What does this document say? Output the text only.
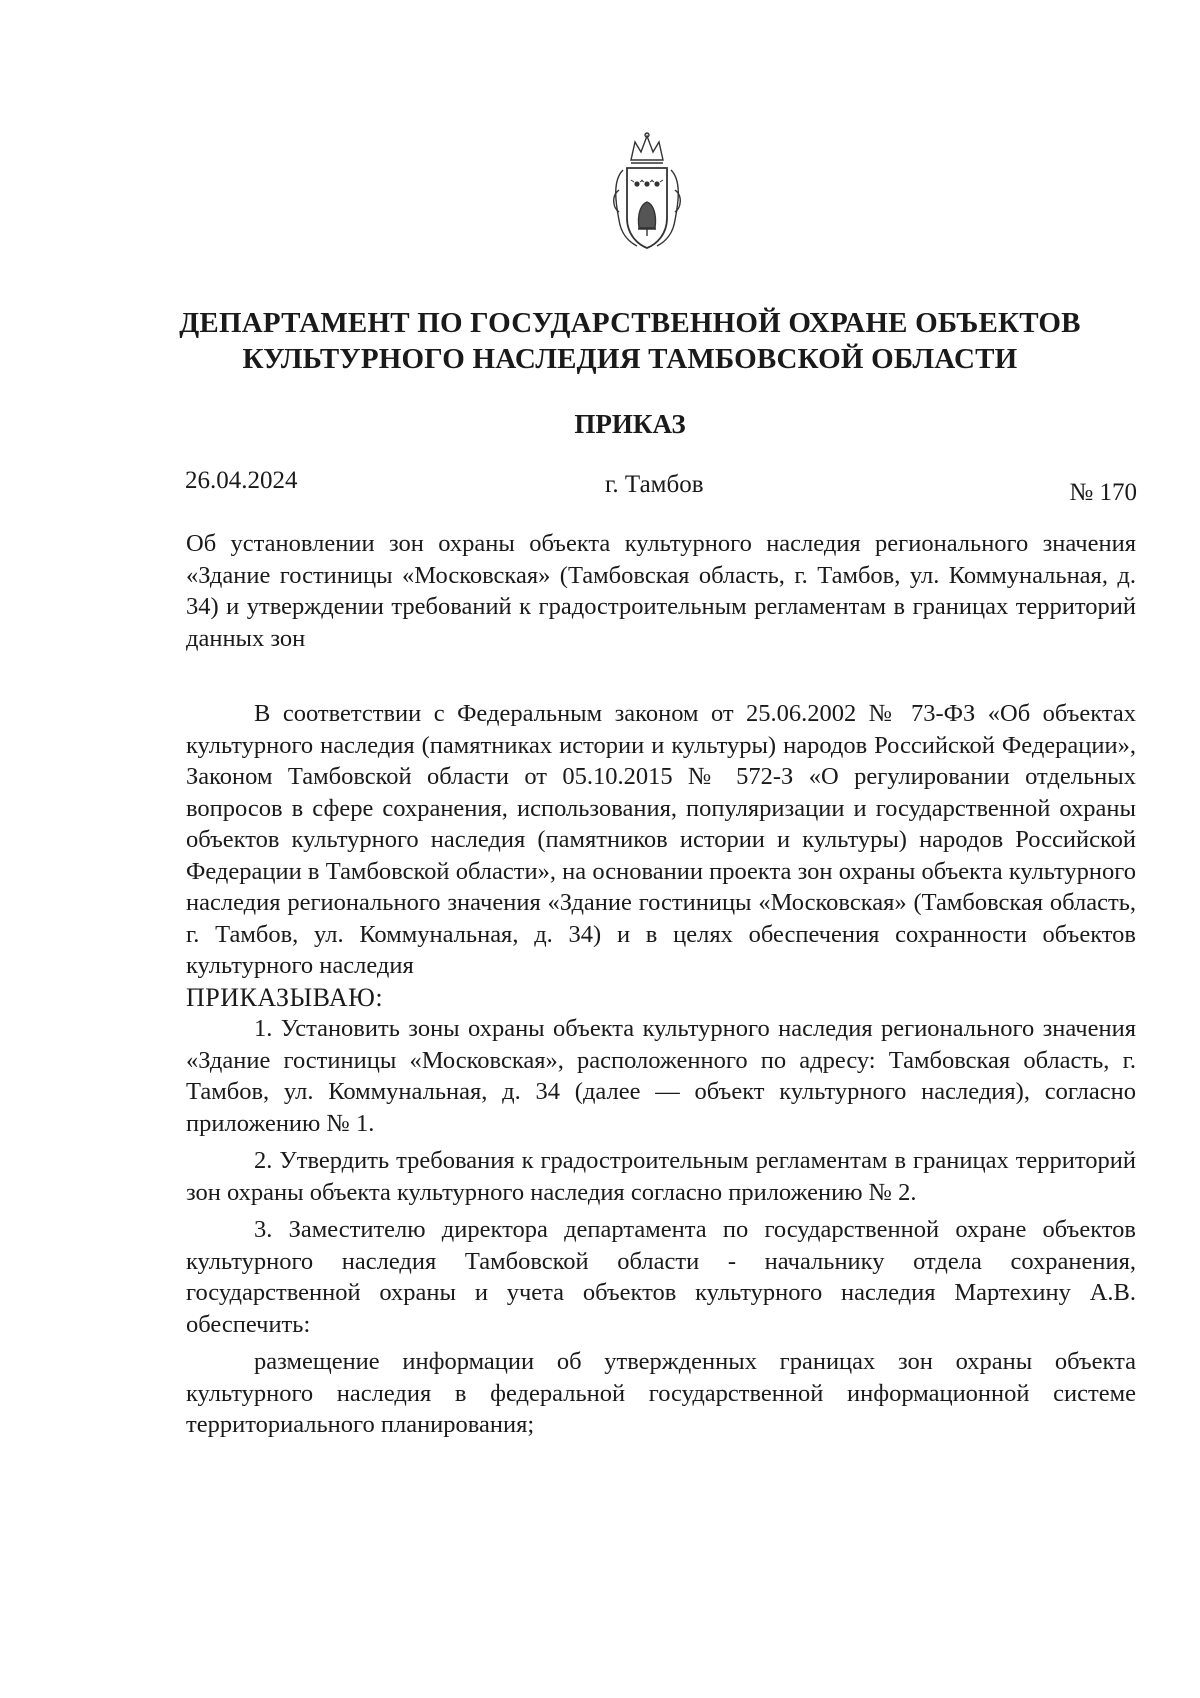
ДЕПАРТАМЕНТ ПО ГОСУДАРСТВЕННОЙ ОХРАНЕ ОБЪЕКТОВ
КУЛЬТУРНОГО НАСЛЕДИЯ ТАМБОВСКОЙ ОБЛАСТИ
ПРИКАЗ
26.04.2024	г. Тамбов	№ 170
Об установлении зон охраны объекта культурного наследия регионального значения «Здание гостиницы «Московская» (Тамбовская область, г. Тамбов, ул. Коммунальная, д. 34) и утверждении требований к градостроительным регламентам в границах территорий данных зон

В соответствии с Федеральным законом от 25.06.2002 № 73-ФЗ «Об объектах культурного наследия (памятниках истории и культуры) народов Российской Федерации», Законом Тамбовской области от 05.10.2015 № 572-З «О регулировании отдельных вопросов в сфере сохранения, использования, популяризации и государственной охраны объектов культурного наследия (памятников истории и культуры) народов Российской Федерации в Тамбовской области», на основании проекта зон охраны объекта культурного наследия регионального значения «Здание гостиницы «Московская» (Тамбовская область, г. Тамбов, ул. Коммунальная, д. 34) и в целях обеспечения сохранности объектов культурного наследия

ПРИКАЗЫВАЮ:

1. Установить зоны охраны объекта культурного наследия регионального значения «Здание гостиницы «Московская», расположенного по адресу: Тамбовская область, г. Тамбов, ул. Коммунальная, д. 34 (далее — объект культурного наследия), согласно приложению № 1.

2. Утвердить требования к градостроительным регламентам в границах территорий зон охраны объекта культурного наследия согласно приложению № 2.

3. Заместителю директора департамента по государственной охране объектов культурного наследия Тамбовской области - начальнику отдела сохранения, государственной охраны и учета объектов культурного наследия Мартехину А.В. обеспечить:

размещение информации об утвержденных границах зон охраны объекта культурного наследия в федеральной государственной информационной системе территориального планирования;
